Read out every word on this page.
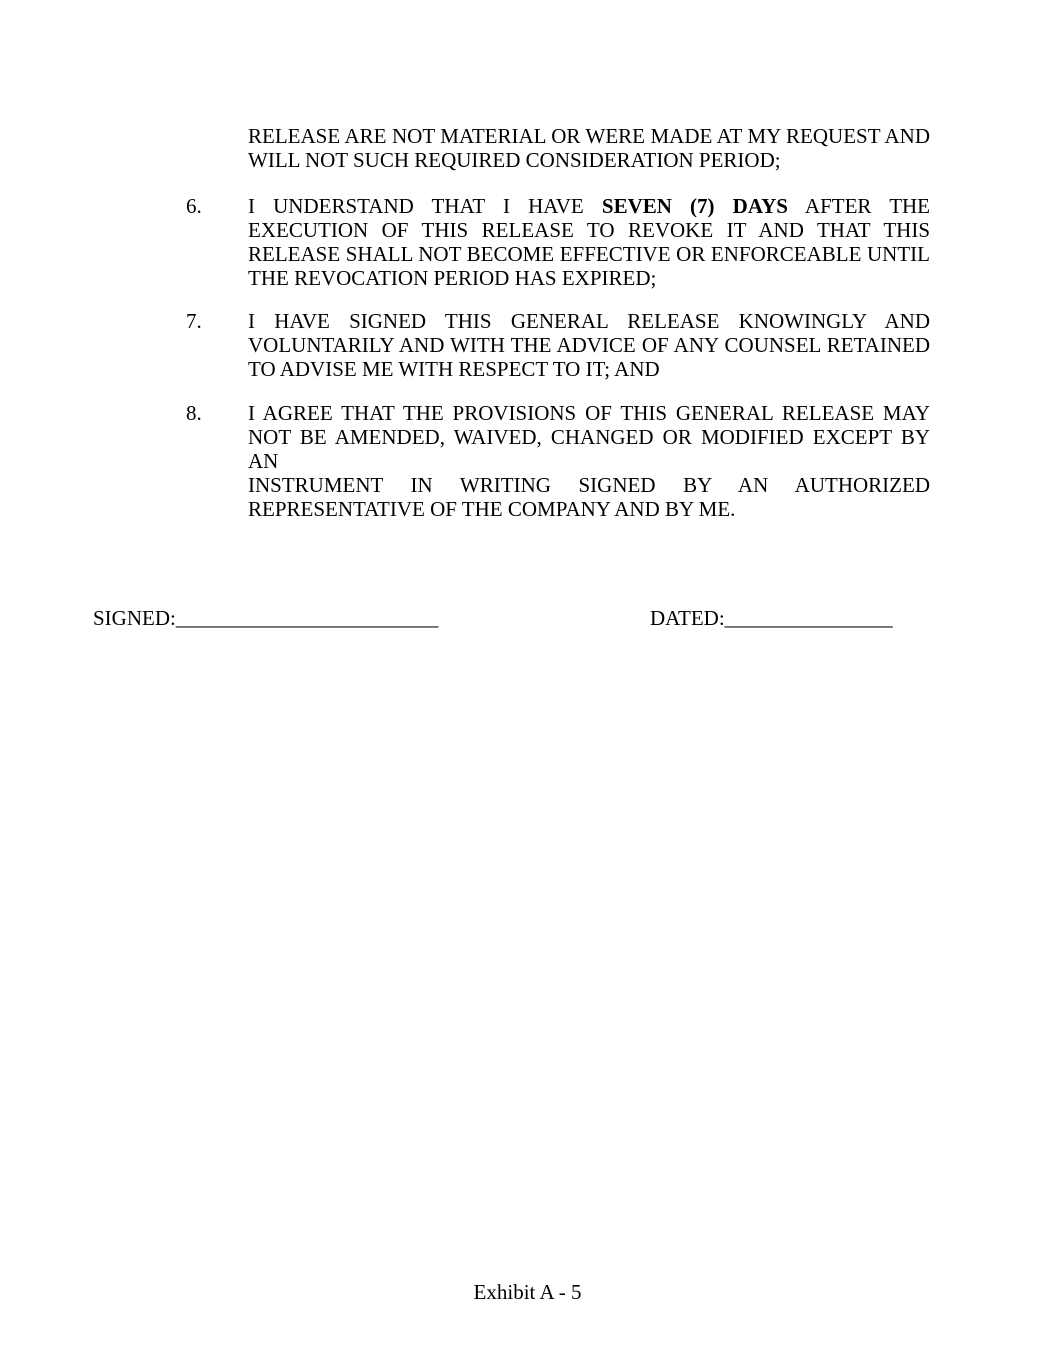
RELEASE ARE NOT MATERIAL OR WERE MADE AT MY REQUEST AND
WILL NOT SUCH REQUIRED CONSIDERATION PERIOD;

6. I UNDERSTAND THAT I HAVE SEVEN (7) DAYS AFTER THE
EXECUTION OF THIS RELEASE TO REVOKE IT AND THAT THIS
RELEASE SHALL NOT BECOME EFFECTIVE OR ENFORCEABLE UNTIL
THE REVOCATION PERIOD HAS EXPIRED;

7. I HAVE SIGNED THIS GENERAL RELEASE KNOWINGLY AND
VOLUNTARILY AND WITH THE ADVICE OF ANY COUNSEL RETAINED
TO ADVISE ME WITH RESPECT TO IT; AND

8. I AGREE THAT THE PROVISIONS OF THIS GENERAL RELEASE MAY
NOT BE AMENDED, WAIVED, CHANGED OR MODIFIED EXCEPT BY AN
INSTRUMENT IN WRITING SIGNED BY AN AUTHORIZED
REPRESENTATIVE OF THE COMPANY AND BY ME.

SIGNED:_________________________	DATED:________________

Exhibit A - 5
